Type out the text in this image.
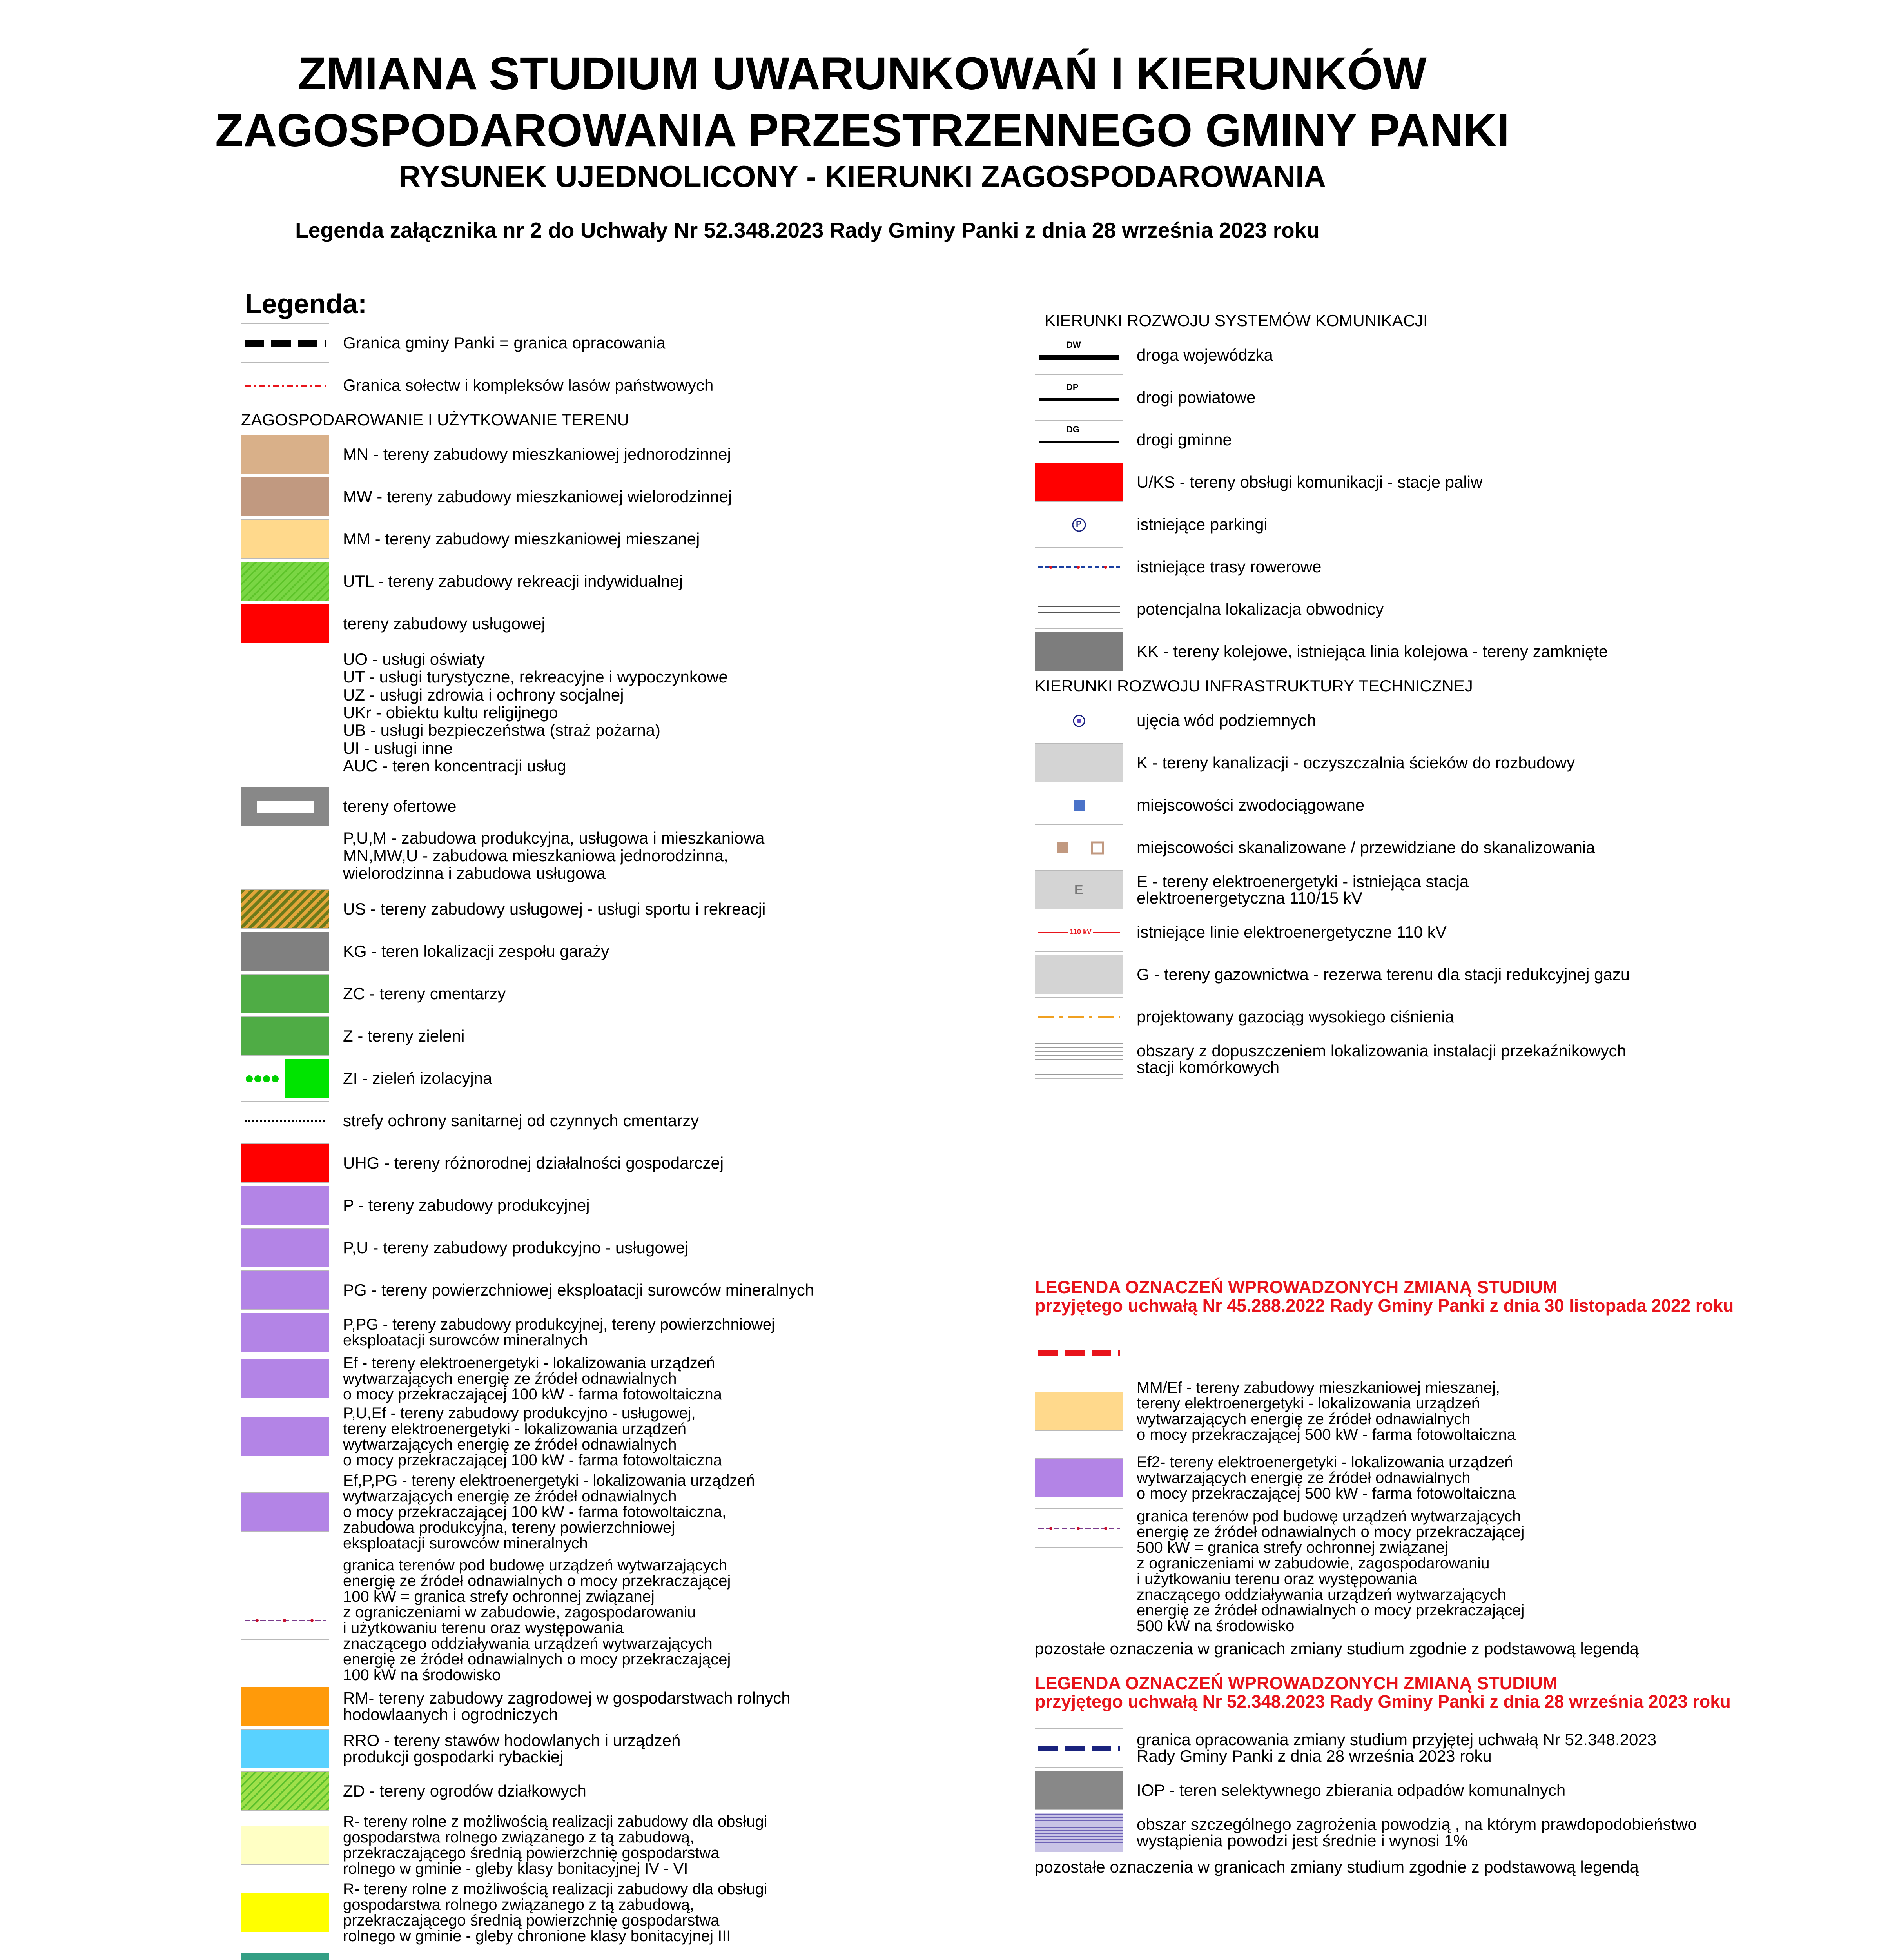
ZMIANA STUDIUM UWARUNKOWAŃ I KIERUNKÓW
ZAGOSPODAROWANIA PRZESTRZENNEGO GMINY PANKI
RYSUNEK UJEDNOLICONY - KIERUNKI ZAGOSPODAROWANIA
Legenda załącznika nr 2 do Uchwały Nr 52.348.2023 Rady Gminy Panki z dnia 28 września 2023 roku
Legenda:
Granica gminy Panki = granica opracowania
Granica sołectw i kompleksów lasów państwowych
ZAGOSPODAROWANIE I UŻYTKOWANIE TERENU
MN - tereny zabudowy mieszkaniowej jednorodzinnej
MW - tereny zabudowy mieszkaniowej wielorodzinnej
MM - tereny zabudowy mieszkaniowej mieszanej
UTL - tereny zabudowy rekreacji indywidualnej
tereny zabudowy usługowej
UO - usługi oświaty
UT - usługi turystyczne, rekreacyjne i wypoczynkowe
UZ - usługi zdrowia i ochrony socjalnej
UKr - obiektu kultu religijnego
UB - usługi bezpieczeństwa (straż pożarna)
UI - usługi inne
AUC - teren koncentracji usług
tereny ofertowe
P,U,M - zabudowa produkcyjna, usługowa i mieszkaniowa
MN,MW,U - zabudowa mieszkaniowa jednorodzinna,
wielorodzinna i zabudowa usługowa
US - tereny zabudowy usługowej - usługi sportu i rekreacji
KG - teren lokalizacji zespołu garaży
ZC - tereny cmentarzy
Z - tereny zieleni
ZI - zieleń izolacyjna
strefy ochrony sanitarnej od czynnych cmentarzy
UHG - tereny różnorodnej działalności gospodarczej
P - tereny zabudowy produkcyjnej
P,U - tereny zabudowy produkcyjno - usługowej
PG - tereny powierzchniowej eksploatacji surowców mineralnych
P,PG - tereny zabudowy produkcyjnej, tereny powierzchniowej
eksploatacji surowców mineralnych
Ef - tereny elektroenergetyki - lokalizowania urządzeń
wytwarzających energię ze źródeł odnawialnych
o mocy przekraczającej 100 kW - farma fotowoltaiczna
P,U,Ef - tereny zabudowy produkcyjno - usługowej,
tereny elektroenergetyki - lokalizowania urządzeń
wytwarzających energię ze źródeł odnawialnych
o mocy przekraczającej 100 kW - farma fotowoltaiczna
Ef,P,PG - tereny elektroenergetyki - lokalizowania urządzeń
wytwarzających energię ze źródeł odnawialnych
o mocy przekraczającej 100 kW - farma fotowoltaiczna,
zabudowa produkcyjna, tereny powierzchniowej
eksploatacji surowców mineralnych
granica terenów pod budowę urządzeń wytwarzających
energię ze źródeł odnawialnych o mocy przekraczającej
100 kW = granica strefy ochronnej związanej
z ograniczeniami w zabudowie, zagospodarowaniu
i użytkowaniu terenu oraz występowania
znaczącego oddziaływania urządzeń wytwarzających
energię ze źródeł odnawialnych o mocy przekraczającej
100 kW na środowisko
RM- tereny zabudowy zagrodowej w gospodarstwach rolnych
hodowlaanych i ogrodniczych
RRO - tereny stawów hodowlanych i urządzeń
produkcji gospodarki rybackiej
ZD - tereny ogrodów działkowych
R- tereny rolne z możliwością realizacji zabudowy dla obsługi
gospodarstwa rolnego związanego z tą zabudową,
przekraczającego średnią powierzchnię gospodarstwa
rolnego w gminie - gleby klasy bonitacyjnej IV - VI
R- tereny rolne z możliwością realizacji zabudowy dla obsługi
gospodarstwa rolnego związanego z tą zabudową,
przekraczającego średnią powierzchnię gospodarstwa
rolnego w gminie - gleby chronione klasy bonitacyjnej III
KIERUNKI ROZWOJU SYSTEMÓW KOMUNIKACJI
DW
droga wojewódzka
DP
drogi powiatowe
DG
drogi gminne
U/KS - tereny obsługi komunikacji - stacje paliw
P	istniejące parkingi
istniejące trasy rowerowe
potencjalna lokalizacja obwodnicy
KK - tereny kolejowe, istniejąca linia kolejowa - tereny zamknięte
KIERUNKI ROZWOJU INFRASTRUKTURY TECHNICZNEJ
ujęcia wód podziemnych
K - tereny kanalizacji - oczyszczalnia ścieków do rozbudowy
miejscowości zwodociągowane
miejscowości skanalizowane / przewidziane do skanalizowania
E	E - tereny elektroenergetyki - istniejąca stacja
elektroenergetyczna 110/15 kV
110 kV	istniejące linie elektroenergetyczne 110 kV
G - tereny gazownictwa - rezerwa terenu dla stacji redukcyjnej gazu
projektowany gazociąg wysokiego ciśnienia
obszary z dopuszczeniem lokalizowania instalacji przekaźnikowych
stacji komórkowych
LEGENDA OZNACZEŃ WPROWADZONYCH ZMIANĄ STUDIUM
przyjętego uchwałą Nr 45.288.2022 Rady Gminy Panki z dnia 30 listopada 2022 roku
MM/Ef - tereny zabudowy mieszkaniowej mieszanej,
tereny elektroenergetyki - lokalizowania urządzeń
wytwarzających energię ze źródeł odnawialnych
o mocy przekraczającej 500 kW - farma fotowoltaiczna
Ef2- tereny elektroenergetyki - lokalizowania urządzeń
wytwarzających energię ze źródeł odnawialnych
o mocy przekraczającej 500 kW - farma fotowoltaiczna
granica terenów pod budowę urządzeń wytwarzających
energię ze źródeł odnawialnych o mocy przekraczającej
500 kW = granica strefy ochronnej związanej
z ograniczeniami w zabudowie, zagospodarowaniu
i użytkowaniu terenu oraz występowania
znaczącego oddziaływania urządzeń wytwarzających
energię ze źródeł odnawialnych o mocy przekraczającej
500 kW na środowisko
pozostałe oznaczenia w granicach zmiany studium zgodnie z podstawową legendą
LEGENDA OZNACZEŃ WPROWADZONYCH ZMIANĄ STUDIUM
przyjętego uchwałą Nr 52.348.2023 Rady Gminy Panki z dnia 28 września 2023 roku
granica opracowania zmiany studium przyjętej uchwałą Nr 52.348.2023
Rady Gminy Panki z dnia 28 września 2023 roku
IOP - teren selektywnego zbierania odpadów komunalnych
obszar szczególnego zagrożenia powodzią , na którym prawdopodobieństwo
wystąpienia powodzi jest średnie i wynosi 1%
pozostałe oznaczenia w granicach zmiany studium zgodnie z podstawową legendą
